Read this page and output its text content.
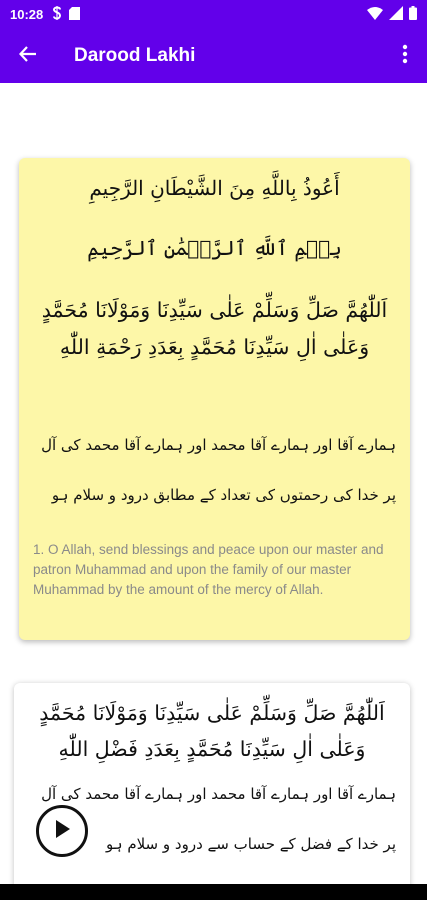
10:28
Darood Lakhi
أَعُوذُ بِاللَّهِ مِنَ الشَّيْطَانِ الرَّجِيمِ
بِسۡمِ ٱللَّهِ ٱلرَّحۡمَٰنِ ٱلرَّحِيمِ
اَللّٰهُمَّ صَلِّ وَسَلِّمْ عَلٰى سَيِّدِنَا وَمَوْلَانَا مُحَمَّدٍ وَعَلٰى اٰلِ سَيِّدِنَا مُحَمَّدٍ بِعَدَدِ رَحْمَةِ اللّٰهِ
ہمارے آقا اور ہمارے آقا محمد اور ہمارے آقا محمد کی آل پر خدا کی رحمتوں کی تعداد کے مطابق درود و سلام ہو
1. O Allah, send blessings and peace upon our master and patron Muhammad and upon the family of our master Muhammad by the amount of the mercy of Allah.
اَللّٰهُمَّ صَلِّ وَسَلِّمْ عَلٰى سَيِّدِنَا وَمَوْلَانَا مُحَمَّدٍ وَعَلٰى اٰلِ سَيِّدِنَا مُحَمَّدٍ بِعَدَدِ فَضْلِ اللّٰهِ
ہمارے آقا اور ہمارے آقا محمد اور ہمارے آقا محمد کی آل پر خدا کے فضل کے حساب سے درود و سلام ہو
